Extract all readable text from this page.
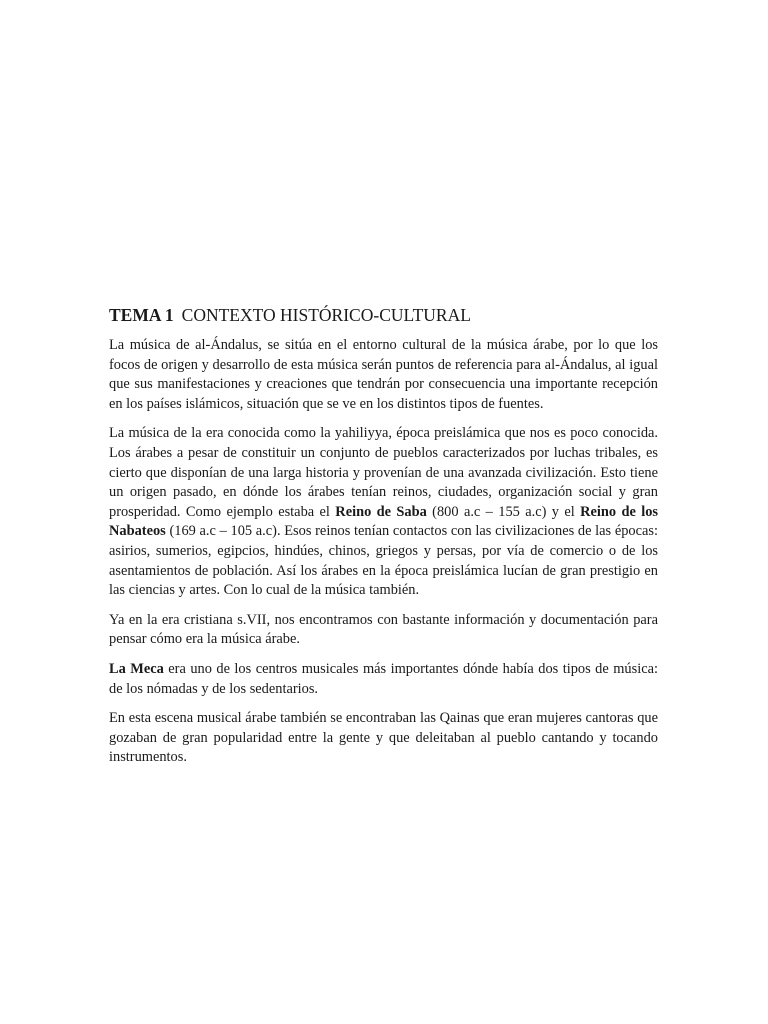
TEMA 1 CONTEXTO HISTÓRICO-CULTURAL

La música de al-Ándalus, se sitúa en el entorno cultural de la música árabe, por lo que los focos de origen y desarrollo de esta música serán puntos de referencia para al-Ándalus, al igual que sus manifestaciones y creaciones que tendrán por consecuencia una importante recepción en los países islámicos, situación que se ve en los distintos tipos de fuentes.

La música de la era conocida como la yahiliyya, época preislámica que nos es poco conocida. Los árabes a pesar de constituir un conjunto de pueblos caracterizados por luchas tribales, es cierto que disponían de una larga historia y provenían de una avanzada civilización. Esto tiene un origen pasado, en dónde los árabes tenían reinos, ciudades, organización social y gran prosperidad. Como ejemplo estaba el Reino de Saba (800 a.c – 155 a.c) y el Reino de los Nabateos (169 a.c – 105 a.c). Esos reinos tenían contactos con las civilizaciones de las épocas: asirios, sumerios, egipcios, hindúes, chinos, griegos y persas, por vía de comercio o de los asentamientos de población. Así los árabes en la época preislámica lucían de gran prestigio en las ciencias y artes. Con lo cual de la música también.

Ya en la era cristiana s.VII, nos encontramos con bastante información y documentación para pensar cómo era la música árabe.

La Meca era uno de los centros musicales más importantes dónde había dos tipos de música: de los nómadas y de los sedentarios.

En esta escena musical árabe también se encontraban las Qainas que eran mujeres cantoras que gozaban de gran popularidad entre la gente y que deleitaban al pueblo cantando y tocando instrumentos.
